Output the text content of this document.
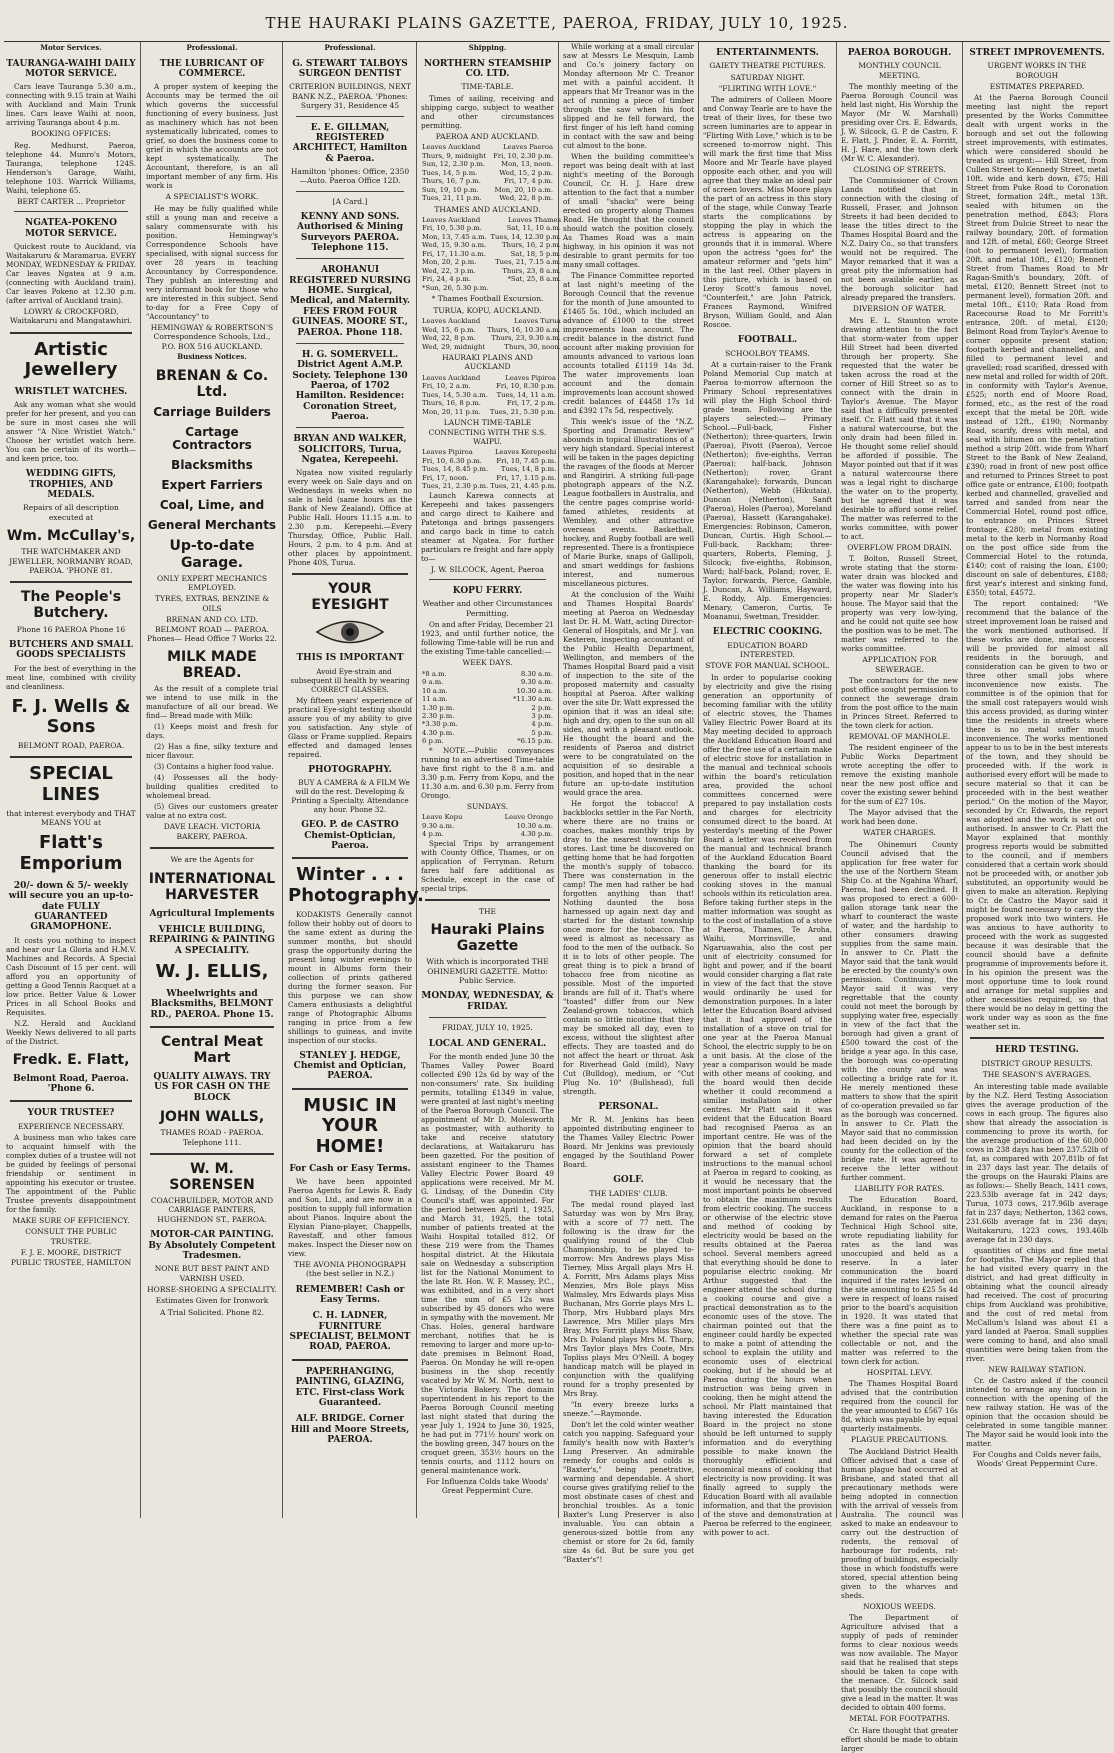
THE HAURAKI PLAINS GAZETTE, PAEROA, FRIDAY, JULY 10, 1925.
Motor Services.
TAURANGA-WAIHI DAILY MOTOR SERVICE.

Cars leave Tauranga 5.30 a.m., connecting with 9.15 train at Waihi with Auckland and Main Trunk lines. Cars leave Waihi at noon, arriving Tauranga about 4 p.m.

BOOKING OFFICES:

Reg. Medhurst, Paeroa, telephone 44. Munro's Motors, Tauranga, telephone 124S. Henderson's Garage, Waihi, telephone 103. Warrick Williams, Waihi, telephone 65.

BERT CARTER ... Proprietor
NGATEA-POKENO MOTOR SERVICE.

Quickest route to Auckland, via Waitakaruru & Maramarua. EVERY MONDAY, WEDNESDAY & FRIDAY. Car leaves Ngatea at 9 a.m. (connecting with Auckland train). Car leaves Pokeno at 12.30 p.m. (after arrival of Auckland train).

LOWRY & CROCKFORD, Waitakaruru and Mangatawhiri.
Artistic Jewellery
WRISTLET WATCHES.

Ask any woman what she would prefer for her present, and you can be sure in most cases she will answer "A Nice Wristlet Watch." Choose her wristlet watch here. You can be certain of its worth—and keen price, too.

WEDDING GIFTS, TROPHIES, AND MEDALS.
Repairs of all description executed at
Wm. McCullay's,
THE WATCHMAKER AND JEWELLER, NORMANBY ROAD, PAEROA. 'PHONE 81.
The People's Butchery.
Phone 16 PAEROA Phone 16
BUTCHERS AND SMALL GOODS SPECIALISTS

For the best of everything in the meat line, combined with civility and cleanliness.

F. J. Wells & Sons
BELMONT ROAD, PAEROA.
SPECIAL LINES
that interest everybody and THAT MEANS YOU at
Flatt's Emporium
20/- down & 5/- weekly will secure you an up-to-date FULLY GUARANTEED GRAMOPHONE.

It costs you nothing to inspect and hear our La Gloria and H.M.V. Machines and Records. A Special Cash Discount of 15 per cent. will afford you an opportunity of getting a Good Tennis Racquet at a low price. Better Value & Lower Prices in all School Books and Requisites.

N.Z. Herald and Auckland Weekly News delivered to all parts of the District.

Fredk. E. Flatt,
Belmont Road, Paeroa. 'Phone 6.
YOUR TRUSTEE?
EXPERIENCE NECESSARY.

A business man who takes care to acquaint himself with the complex duties of a trustee will not be guided by feelings of personal friendship or sentiment in appointing his executor or trustee. The appointment of the Public Trustee prevents disappointment for the family.

MAKE SURE OF EFFICIENCY.
CONSULT THE PUBLIC TRUSTEE.
F. J. E. MOORE, DISTRICT PUBLIC TRUSTEE, HAMILTON
Professional.
THE LUBRICANT OF COMMERCE.

A proper system of keeping the Accounts may be termed the oil which governs the successful functioning of every business. Just as machinery which has not been systematically lubricated, comes to grief, so does the business come to grief in which the accounts are not kept systematically. The Accountant, therefore, is an all important member of any firm. His work is

A SPECIALIST'S WORK.

He may be fully qualified while still a young man and receive a salary commensurate with his position. Hemingway's Correspondence Schools have specialised, with signal success for over 28 years in teaching Accountancy by Correspondence. They publish an interesting and very informant book for those who are interested in this subject. Send to-day for a Free Copy of "Accountancy" to

HEMINGWAY & ROBERTSON'S Correspondence Schools, Ltd., P.O. BOX 516 AUCKLAND.
Business Notices.
BRENAN & Co. Ltd.
Carriage Builders
Cartage Contractors
Blacksmiths
Expert Farriers
Coal, Lime, and
General Merchants
Up-to-date Garage.
ONLY EXPERT MECHANICS EMPLOYED.
TYRES, EXTRAS, BENZINE & OILS
BRENAN AND CO. LTD. BELMONT ROAD — PAEROA. Phones— Head Office 7 Works 22.
MILK MADE BREAD.

As the result of a complete trial we intend to use milk in the manufacture of all our bread. We find— Bread made with Milk:

(1) Keeps moist and fresh for days.

(2) Has a fine, silky texture and nicer flavour.

(3) Contains a higher food value.

(4) Possesses all the body-building qualities credited to wholemeal bread.

(5) Gives our customers greater value at no extra cost.

DAVE LEACH. VICTORIA BAKERY, PAEROA.
We are the Agents for
INTERNATIONAL HARVESTER
Agricultural Implements
VEHICLE BUILDING, REPAIRING & PAINTING A SPECIALITY.
W. J. ELLIS,
Wheelwrights and Blacksmiths, BELMONT RD., PAEROA. Phone 15.
Central Meat Mart
QUALITY ALWAYS. TRY US FOR CASH ON THE BLOCK
JOHN WALLS,
THAMES ROAD - PAEROA. Telephone 111.
W. M. SORENSEN
COACHBUILDER, MOTOR AND CARRIAGE PAINTERS, HUGHENDON ST., PAEROA.
MOTOR-CAR PAINTING. By Absolutely Competent Tradesmen.
NONE BUT BEST PAINT AND VARNISH USED.
HORSE-SHOEING A SPECIALITY.
Estimates Given for Ironwork
A Trial Solicited. Phone 82.
Professional.
G. STEWART TALBOYS SURGEON DENTIST
CRITERION BUILDINGS, NEXT BANK N.Z., PAEROA. 'Phones: Surgery 31, Residence 45
E. E. GILLMAN, REGISTERED ARCHITECT, Hamilton & Paeroa.
Hamilton 'phones: Office, 2350—Auto. Paeroa Office 12D.
[A Card.]
KENNY AND SONS. Authorised & Mining Surveyors PAEROA. Telephone 115.
AROHANUI REGISTERED NURSING HOME. Surgical, Medical, and Maternity. FEES FROM FOUR GUINEAS. MOORE ST., PAEROA. Phone 118.
H. G. SOMERVELL. District Agent A.M.P. Society. Telephone 130 Paeroa, of 1702 Hamilton. Residence: Coronation Street, Paeroa.
BRYAN AND WALKER, SOLICITORS, Turua, Ngatea, Kerepeehi.

Ngatea now visited regularly every week on Sale days and on Wednesdays in weeks when no sale is held (same hours as the Bank of New Zealand). Office at Public Hall. Hours 11.15 a.m. to 2.30 p.m. Kerepeehi.—Every Thursday, Office, Public Hall. Hours, 2 p.m. to 4 p.m. And at other places by appointment. Phone 40S, Turua.

YOUR EYESIGHT
THIS IS IMPORTANT

Avoid Eye-strain and subsequent ill health by wearing CORRECT GLASSES.

My fifteen years' experience of practical Eye-sight testing should assure you of my ability to give you satisfaction. Any style of Glass or Frame supplied. Repairs effected and damaged lenses repaired.

PHOTOGRAPHY.

BUY A CAMERA & A FILM We will do the rest. Developing & Printing a Specialty. Attendance any hour. Phone 32.

GEO. P. de CASTRO Chemist-Optician, Paeroa.
Winter . . . Photography.

KODAKISTS Generally cannot follow their hobby out of doors to the same extent as during the summer months, but should grasp the opportunity during the present long winter evenings to mount in Albums form their collection of prints gathered during the former season. For this purpose we can show Camera enthusiasts a delightful range of Photographic Albums ranging in price from a few shillings to guineas, and invite inspection of our stocks.

STANLEY J. HEDGE, Chemist and Optician, PAEROA.
MUSIC IN YOUR HOME!
For Cash or Easy Terms.

We have been appointed Paeroa Agents for Lewis R. Eady and Son, Ltd., and are now in a position to supply full information about Pianos. Inquire about the Elysian Piano-player, Chappells, Ravestaff, and other famous makes. Inspect the Dieser now on view.

THE AVONIA PHONOGRAPH (the best seller in N.Z.)
REMEMBER! Cash or Easy Terms.
C. H. LADNER, FURNITURE SPECIALIST, BELMONT ROAD, PAEROA.
PAPERHANGING, PAINTING, GLAZING, ETC. First-class Work Guaranteed.
ALF. BRIDGE. Corner Hill and Moore Streets, PAEROA.
Shipping.
NORTHERN STEAMSHIP CO. LTD.
TIME-TABLE.

Times of sailing, receiving and shipping cargo, subject to weather and other circumstances permitting.

PAEROA AND AUCKLAND.
Leaves Auckland	Leaves Paeroa
Thurs, 9, midnight	Fri, 10, 2.30 p.m.
Sun, 12, 2.30 p.m.	Mon, 13, noon.
Tues, 14, 5 p.m.	Wed, 15, 2 p.m.
Thurs, 16, 7 p.m.	Fri, 17, 4 p.m.
Sun, 19, 10 p.m.	Mon, 20, 10 a.m.
Tues, 21, 11 p.m.	Wed, 22, 8 p.m.
THAMES AND AUCKLAND.
Leaves Auckland	Leaves Thames
Fri, 10, 5.30 p.m.	Sat, 11, 10 a.m.
Mon, 13, 7.45 a.m.	Tues, 14, 12.30 p.m.
Wed, 15, 9.30 a.m.	Thurs, 16, 2 p.m.
Fri, 17, 11.30 a.m.	Sat, 18, 5 p.m.
Mon, 20, 2 p.m.	Tues, 21, 7.15 a.m.
Wed, 22, 3 p.m.	Thurs, 23, 8 a.m.
Fri, 24, 4 p.m.	*Sat, 25, 8 a.m.
*Sun, 26, 5.30 p.m.	
* Thames Football Excursion.
TURUA, KOPU, AUCKLAND.
Leaves Auckland	Leaves Turua
Wed, 15, 6 p.m.	Thurs, 16, 10.30 a.m.
Wed, 22, 8 p.m.	Thurs, 23, 9.30 a.m.
Wed, 29, midnight	Thurs, 30, noon.
HAURAKI PLAINS AND AUCKLAND
Leaves Auckland	Leaves Pipiroa
Fri, 10, 2 a.m.	Fri, 10, 8.30 p.m.
Tues, 14, 5.30 a.m.	Tues, 14, 11 a.m.
Thurs, 16, 8 p.m.	Fri, 17, 2 p.m.
Mon, 20, 11 p.m.	Tues, 21, 5.30 p.m.
LAUNCH TIME-TABLE CONNECTING WITH THE S.S. WAIPU.
Leaves Pipiroa	Leaves Kerepeehi
Fri, 10, 6.30 p.m.	Fri, 10, 7.45 p.m.
Tues, 14, 8.45 p.m.	Tues, 14, 8 p.m.
Fri, 17, noon.	Fri, 17, 1.15 p.m.
Tues, 21, 2.30 p.m.	Tues, 21, 4.45 p.m.

Launch Karewa connects at Kerepeehi and takes passengers and cargo direct to Kaihere and Patetonga and brings passengers and cargo back in time to catch steamer at Ngatea. For further particulars re freight and fare apply to—

J. W. SILCOCK, Agent, Paeroa
KOPU FERRY.
Weather and other Circumstances Permitting.

On and after Friday, December 21 1923, and until further notice, the following Time-table will be run and the existing Time-table cancelled:—

WEEK DAYS.
*8 a.m.	8.30 a.m.
9 a.m.	9.30 a.m.
10 a.m.	10.30 a.m.
11 a.m.	*11.30 a.m.
1.30 p.m.	2 p.m.
2.30 p.m.	3 p.m.
*3.30 p.m.	4 p.m.
4.30 p.m.	5 p.m.
6 p.m.	*6.15 p.m.

* NOTE.—Public conveyances running to an advertised Time-table have first right to the 8 a.m. and 3.30 p.m. Ferry from Kopu, and the 11.30 a.m. and 6.30 p.m. Ferry from Orongo.

SUNDAYS.
Leave Kopu	Leave Orongo
9.30 a.m.	10.30 a.m.
4 p.m.	4.30 p.m.

Special Trips by arrangement with County Office, Thames, or on application of Ferryman. Return fares half fare additional as Schedule, except in the case of special trips.

THE
Hauraki Plains Gazette
With which is incorporated THE OHINEMURI GAZETTE. Motto: Public Service.
MONDAY, WEDNESDAY, & FRIDAY.
FRIDAY, JULY 10, 1925.
LOCAL AND GENERAL.

For the month ended June 30 the Thames Valley Power Board collected £90 12s 6d by way of the non-consumers' rate. Six building permits, totalling £1349 in value, were granted at last night's meeting of the Paeroa Borough Council. The appointment of Mr D. Molesworth as postmaster, with authority to take and receive statutory declarations, at Waitakaruru has been gazetted. For the position of assistant engineer to the Thames Valley Electric Power Board 49 applications were received. Mr M. G. Lindsay, of the Dunedin City Council's staff, was appointed. For the period between April 1, 1925, and March 31, 1925, the total number of patients treated at the Waihi Hospital totalled 812. Of these 219 were from the Thames hospital district. At the Hikutaia sale on Wednesday a subscription list for the National Monument to the late Rt. Hon. W. F. Massey, P.C., was exhibited, and in a very short time the sum of £5 12s was subscribed by 45 donors who were in sympathy with the movement. Mr Chas. Holes, general hardware merchant, notifies that he is removing to larger and more up-to-date premises in Belmont Road, Paeroa. On Monday he will re-open business in the shop recently vacated by Mr W. M. North, next to the Victoria Bakery. The domain superintendent in his report to the Paeroa Borough Council meeting last night stated that during the year July 1, 1924 to June 30, 1925, he had put in 771½ hours' work on the bowling green, 347 hours on the croquet green, 353½ hours on the tennis courts, and 1112 hours on general maintenance work.

For Influenza Colds take Woods' Great Peppermint Cure.

While working at a small circular saw at Messrs Le Mesquin, Lamb and Co.'s joinery factory on Monday afternoon Mr C. Treanor met with a painful accident. It appears that Mr Treanor was in the act of running a piece of timber through the saw when his foot slipped and he fell forward, the first finger of his left hand coming in contact with the saw and being cut almost to the bone.

When the building committee's report was being dealt with at last night's meeting of the Borough Council, Cr. H. J. Hare drew attention to the fact that a number of small "shacks" were being erected on property along Thames Road. He thought that the council should watch the position closely. As Thames Road was a main highway, in his opinion it was not desirable to grant permits for too many small cottages.

The Finance Committee reported at last night's meeting of the Borough Council that the revenue for the month of June amounted to £1465 5s. 10d., which included an advance of £1000 to the street improvements loan account. The credit balance in the district fund account after making provision for amounts advanced to various loan accounts totalled £1119 14s 3d. The water improvements loan account and the domain improvements loan account showed credit balances of £4458 17s 1d and £392 17s 5d, respectively.

This week's issue of the "N.Z. Sporting and Dramatic Review" abounds in topical illustrations of a very high standard. Special interest will be taken in the pages depicting the ravages of the floods at Mercer and Rangiriri. A striking full-page photograph appears of the N.Z. League footballers in Australia, and the centre pages comprise world-famed athletes, residents at Wembley, and other attractive overseas events. Basketball, hockey, and Rugby football are well represented. There is a frontispiece of Marie Burke, snaps of Gallipoli, and smart weddings for fashions interest, and numerous miscellaneous pictures.

At the conclusion of the Waihi and Thames Hospital Boards' meeting at Paeroa on Wednesday last Dr. H. M. Watt, acting Director-General of Hospitals, and Mr J. van Kesteren, inspecting accountant of the Public Health Department, Wellington, and members of the Thames Hospital Board paid a visit of inspection to the site of the proposed maternity and casualty hospital at Paeroa. After walking over the site Dr. Watt expressed the opinion that it was an ideal site; high and dry, open to the sun on all sides, and with a pleasant outlook. He thought the board and the residents of Paeroa and district were to be congratulated on the acquisition of so desirable a position, and hoped that in the near future an up-to-date institution would grace the area.

He forgot the tobacco! A backblocks settler in the Far North, where there are no trains or coaches, makes monthly trips by dray to the nearest township for stores. Last time he discovered on getting home that he had forgotten the month's supply of tobacco. There was consternation in the camp! The men had rather be had forgotten anything than that! Nothing daunted the boss harnessed up again next day and started for the distant township once more for the tobacco. The weed is almost as necessary as food to the men of the outback. So it is to lots of other people. The great thing is to pick a brand of tobacco free from nicotine as possible. Most of the imported brands are full of it. That's where "toasted" differ from our New Zealand-grown tobaccos, which contain so little nicotine that they may be smoked all day, even to excess, without the slightest after effects. They are toasted and do not affect the heart or throat. Ask for Riverhead Gold (mild), Navy Cut (Bulldog), medium, or "Cut Plug No. 10" (Bullshead), full strength.

PERSONAL.

Mr R. M. Jenkins has been appointed distributing engineer to the Thames Valley Electric Power Board. Mr Jenkins was previously engaged by the Southland Power Board.

GOLF.
THE LADIES' CLUB.

The medal round played last Saturday was won by Mrs Bray, with a score of 77 nett. The following is the draw for the qualifying round of the Club Championship, to be played to-morrow: Mrs Andrews plays Miss Tierney, Miss Argall plays Mrs H. A. Forritt, Mrs Adams plays Miss Menzies, Mrs Bole plays Miss Walmsley, Mrs Edwards plays Miss Buchanan, Mrs Gorrie plays Mrs L. Thorp, Mrs Hubbard plays Mrs Lawrence, Mrs Miller plays Mrs Bray, Mrs Forritt plays Miss Shaw, Mrs D. Poland plays Mrs M. Thorp, Mrs Taylor plays Mrs Coote, Mrs Topliss plays Mrs O'Neill. A bogey handicap match will be played in conjunction with the qualifying round for a trophy presented by Mrs Bray.

"In every breeze lurks a sneeze."—Raymonde.

Don't let the cold winter weather catch you napping. Safeguard your family's health now with Baxter's Lung Preserver. An admirable remedy for coughs and colds is "Baxter's," being penetrative, warming and dependable. A short course gives gratifying relief to the most obstinate cases of chest and bronchial troubles. As a tonic Baxter's Lung Preserver is also invaluable. You can obtain a generous-sized bottle from any chemist or store for 2s 6d, family size 4s 6d. But be sure you get "Baxter's"!

ENTERTAINMENTS.
GAIETY THEATRE PICTURES.
SATURDAY NIGHT.
"FLIRTING WITH LOVE."

The admirers of Colleen Moore and Conway Tearle are to have the treat of their lives, for these two screen luminaries are to appear in "Flirting With Love," which is to be screened to-morrow night. This will mark the first time that Miss Moore and Mr Tearle have played opposite each other, and you will agree that they make an ideal pair of screen lovers. Miss Moore plays the part of an actress in this story of the stage, while Conway Tearle starts the complications by stopping the play in which the actress is appearing on the grounds that it is immoral. Where upon the actress "goes for" the amateur reformer and "gets him" in the last reel. Other players in this picture, which is based on Leroy Scott's famous novel, "Counterfeit," are John Patrick, Frances Raymond, Winifred Bryson, William Gould, and Alan Roscoe.

FOOTBALL.
SCHOOLBOY TEAMS.

At a curtain-raiser to the Frank Poland Memorial Cup match at Paeroa to-morrow afternoon the Primary School representatives will play the High School third-grade team. Following are the players selected:— Primary School.—Full-back, Fisher (Netherton); three-quarters, Irwin (Paeroa), Pivott (Paeroa), Vercoe (Netherton); five-eighths, Verran (Paeroa); half-back, Johnson (Netherton); rover, Grant (Karangahake); forwards, Duncan (Netherton), Webb (Hikutaia), Duncan (Netherton), Sanft (Paeroa), Holes (Paeroa), Moreland (Paeroa), Hassett (Karangahake). Emergencies: Robinson, Cameron, Duncan, Curtis. High School.—Full-back, Rackham; three-quarters, Roberts, Fleming, J. Silcock; five-eighths, Robinson, Ward; half-back, Poland; rover, E. Taylor; forwards, Pierce, Gamble, J. Duncan, A. Williams, Hayward, E. Roddy, Alp. Emergencies: Menary, Cameron, Curtis, Te Moananui, Swetman, Tresidder.

ELECTRIC COOKING.
EDUCATION BOARD INTERESTED.
STOVE FOR MANUAL SCHOOL.

In order to popularise cooking by electricity and give the rising generation an opportunity of becoming familiar with the utility of electric stoves, the Thames Valley Electric Power Board at its May meeting decided to approach the Auckland Education Board and offer the free use of a certain make of electric stove for installation in the manual and technical schools within the board's reticulation area, provided the school committees concerned were prepared to pay installation costs and charges for electricity consumed direct to the board. At yesterday's meeting of the Power Board a letter was received from the manual and technical branch of the Auckland Education Board thanking the board for its generous offer to install electric cooking stoves in the manual schools within its reticulation area. Before taking further steps in the matter information was sought as to the cost of installation of a stove at Paeroa, Thames, Te Aroha, Waihi, Morrinsville, and Ngaruawahia, also the cost per unit of electricity consumed for light and power, and if the board would consider charging a flat rate in view of the fact that the stove would ordinarily be used for demonstration purposes. In a later letter the Education Board advised that it had approved of the installation of a stove on trial for one year at the Paeroa Manual School, the electric supply to be on a unit basis. At the close of the year a comparison would be made with other means of cooking, and the board would then decide whether it could recommend a similar installation in other centres. Mr Platt said it was evident that the Education Board had recognised Paeroa as an important centre. He was of the opinion that the board should forward a set of complete instructions to the manual school at Paeroa in regard to cooking, as it would be necessary that the most important points be observed to obtain the maximum results from electric cooking. The success or otherwise of the electric stove and method of cooking by electricity would be based on the results obtained at the Paeroa school. Several members agreed that everything should be done to popularise electric cooking. Mr Arthur suggested that the engineer attend the school during a cooking course and give a practical demonstration as to the economic uses of the stove. The chairman pointed out that the engineer could hardly be expected to make a point of attending the school to explain the utility and economic uses of electrical cooking, but if he should be at Paeroa during the hours when instruction was being given in cooking, then he might attend the school. Mr Platt maintained that having interested the Education Board in the project no stone should be left unturned to supply information and do everything possible to make known the thoroughly efficient and economical means of cooking that electricity is now providing. It was finally agreed to supply the Education Board with all available information, and that the provision of the stove and demonstration at Paeroa be referred to the engineer, with power to act.

PAEROA BOROUGH.
MONTHLY COUNCIL MEETING.

The monthly meeting of the Paeroa Borough Council was held last night, His Worship the Mayor (Mr W. Marshall) presiding over Crs. E. Edwards, J. W. Silcock, G. P. de Castro, F. E. Flatt, J. Pinder, E. A. Forritt, H. J. Hare, and the town clerk (Mr W. C. Alexander).

CLOSING OF STREETS.

The Commissioner of Crown Lands notified that in connection with the closing of Russell, Fraser, and Johnson Streets it had been decided to lease the titles direct to the Thames Hospital Board and the N.Z. Dairy Co., so that transfers would not be required. The Mayor remarked that it was a great pity the information had not been available earlier, as the borough solicitor had already prepared the transfers.

DIVERSION OF WATER.

Mrs E. L. Staunton wrote drawing attention to the fact that storm-water from upper Hill Street had been diverted through her property. She requested that the water be taken across the road at the corner of Hill Street so as to connect with the drain in Taylor's Avenue. The Mayor said that a difficulty presented itself. Cr. Flatt said that it was a natural watercourse, but the only drain had been filled in. He thought some relief should be afforded if possible. The Mayor pointed out that if it was a natural watercourse there was a legal right to discharge the water on to the property, but he agreed that it was desirable to afford some relief. The matter was referred to the works committee, with power to act.

OVERFLOW FROM DRAIN.

T. Bolton, Russell Street, wrote stating that the storm-water drain was blocked and the water was flowing into his property near Mr Slader's house. The Mayor said that the property was very low-lying, and he could not quite see how the position was to be met. The matter was referred to the works committee.

APPLICATION FOR SEWERAGE.

The contractors for the new post office sought permission to connect the sewerage drain from the post office to the main in Princes Street. Referred to the town clerk for action.

REMOVAL OF MANHOLE.

The resident engineer of the Public Works Department wrote accepting the offer to remove the existing manhole near the new post office and cover the existing sewer behind for the sum of £27 10s.

The Mayor advised that the work had been done.

WATER CHARGES.

The Ohinemuri County Council advised that the application for free water for the use of the Northern Steam Ship Co. at the Ngahina Wharf, Paeroa, had been declined. It was proposed to erect a 600-gallon storage tank near the wharf to counteract the waste of water, and the hardship to other consumers drawing supplies from the same main. In answer to Cr. Platt the Mayor said that the tank would be erected by the county's own permission. Continuing, the Mayor said it was very regrettable that the county could not meet the borough by supplying water free, especially in view of the fact that the borough had given a grant of £500 toward the cost of the bridge a year ago. In this case, the borough was co-operating with the county and was collecting a bridge rate for it. He merely mentioned these matters to show that the spirit of co-operation prevailed so far as the borough was concerned. In answer to Cr. Platt the Mayor said that no commission had been decided on by the county for the collection of the bridge rate. It was agreed to receive the letter without further comment.

LIABILITY FOR RATES.

The Education Board, Auckland, in response to a demand for rates on the Paeroa Technical High School site, wrote repudiating liability for rates as the land was unoccupied and held as a reserve. In a later communication the board inquired if the rates levied on the site amounting to £25 5s 4d were in respect of loans raised prior to the board's acquisition in 1920. It was stated that there was a fine point as to whether the special rate was collectable or not, and the matter was referred to the town clerk for action.

HOSPITAL LEVY.

The Thames Hospital Board advised that the contribution required from the council for the year amounted to £567 16s 8d, which was payable by equal quarterly instalments.

PLAGUE PRECAUTIONS.

The Auckland District Health Officer advised that a case of human plague had occurred at Brisbane, and stated that all precautionary methods were being adopted in connection with the arrival of vessels from Australia. The council was asked to make an endeavour to carry out the destruction of rodents, the removal of harbourage for rodents, rat-proofing of buildings, especially those in which foodstuffs were stored, special attention being given to the wharves and sheds.

NOXIOUS WEEDS.

The Department of Agriculture advised that a supply of pads of reminder forms to clear noxious weeds was now available. The Mayor said that he realised that steps should be taken to cope with the menace. Cr. Silcock said that possibly the council should give a lead in the matter. It was decided to obtain 400 forms.

METAL FOR FOOTPATHS.

Cr. Hare thought that greater effort should be made to obtain larger

STREET IMPROVEMENTS.
URGENT WORKS IN THE BOROUGH
ESTIMATES PREPARED.

At the Paeroa Borough Council meeting last night the report presented by the Works Committee dealt with urgent works in the borough and set out the following street improvements, with estimates, which were considered should be treated as urgent:— Hill Street, from Cullen Street to Kennedy Street, metal 10ft. wide and kerb down, £75; Hill Street from Puke Road to Coronation Street, formation 24ft., metal 13ft. sealed with bitumen on the penetration method, £843; Flora Street from Dulcie Street to near the railway boundary, 20ft. of formation and 12ft. of metal, £60; George Street (not to permanent level), formation 20ft. and metal 10ft., £120; Bennett Street from Thames Road to Mr Ragan-Smith's boundary, 20ft. of metal, £120; Bennett Street (not to permanent level), formation 20ft. and metal 10ft., £110; Rata Road from Racecourse Road to Mr Forritt's entrance, 20ft. of metal, £120; Belmont Road from Taylor's Avenue to corner opposite present station; footpath kerbed and channelled, and filled to permanent level and gravelled; road scarified, dressed with new metal and rolled for width of 20ft. in conformity with Taylor's Avenue, £525; north end of Moore Road, formed, etc., as the rest of the road except that the metal be 20ft. wide instead of 12ft., £190; Normanby Road, scarify, dress with metal, and seal with bitumen on the penetration method a strip 20ft. wide from Wharf Street to the Bank of New Zealand, £390; road in front of new post office and returned to Princes Street to post office gate or entrance, £100; footpath kerbed and channelled, gravelled and tarred and sanded from near the Commercial Hotel, round post office, to entrance on Princes Street frontage, £280; metal from existing metal to the kerb in Normanby Road on the post office side from the Commercial Hotel to the rotunda, £140; cost of raising the loan, £100; discount on sale of debentures, £188; first year's interest and sinking fund, £350; total, £4572.

The report contained: "We recommend that the balance of the street improvement loan be raised and the work mentioned authorised. If these works are done, metal access will be provided for almost all residents in the borough, and consideration can be given to two or three other small jobs where inconvenience now exists. The committee is of the opinion that for the small cost ratepayers would wish this access provided, as during winter time the residents in streets where there is no metal suffer much inconvenience. The works mentioned appear to us to be in the best interests of the town, and they should be proceeded with. If the work is authorised every effort will be made to secure material so that it can be proceeded with in the best weather period." On the motion of the Mayor, seconded by Cr. Edwards, the report was adopted and the work is set out authorised. In answer to Cr. Platt the Mayor explained that monthly progress reports would be submitted to the council, and if members considered that a certain work should not be proceeded with, or another job substituted, an opportunity would be given to make an alteration. Replying to Cr. de Castro the Mayor said it might be found necessary to carry the proposed work into two winters. He was anxious to have authority to proceed with the work as suggested because it was desirable that the council should have a definite programme of improvements before it. In his opinion the present was the most opportune time to look round and arrange for metal supplies and other necessities required, so that there would be no delay in getting the work under way as soon as the fine weather set in.

HERD TESTING.
DISTRICT GROUP RESULTS.
THE SEASON'S AVERAGES.

An interesting table made available by the N.Z. Herd Testing Association gives the average production of the cows in each group. The figures also show that already the association is commencing to prove its worth, for the average production of the 60,000 cows in 238 days has been 237.52lb of fat, as compared with 207.81lb of fat in 237 days last year. The details of the groups on the Hauraki Plains are as follows:— Shelly Beach, 1411 cows, 223.53lb average fat in 242 days; Turua, 1073 cows, 217.96lb average fat in 237 days; Netherton, 1362 cows, 231.66lb average fat in 236 days; Waitakaruru, 1223 cows, 193.46lb average fat in 230 days.

quantities of chips and fine metal for footpaths. The Mayor replied that he had visited every quarry in the district, and had great difficulty in obtaining what the council already had received. The cost of procuring chips from Auckland was prohibitive, and the cost of red metal from McCallum's Island was about £1 a yard landed at Paeroa. Small supplies were coming to hand, and also small quantities were being taken from the river.

NEW RAILWAY STATION.

Cr. de Castro asked if the council intended to arrange any function in connection with the opening of the new railway station. He was of the opinion that the occasion should be celebrated in some tangible manner. The Mayor said he would look into the matter.

For Coughs and Colds never fails, Woods' Great Peppermint Cure.
